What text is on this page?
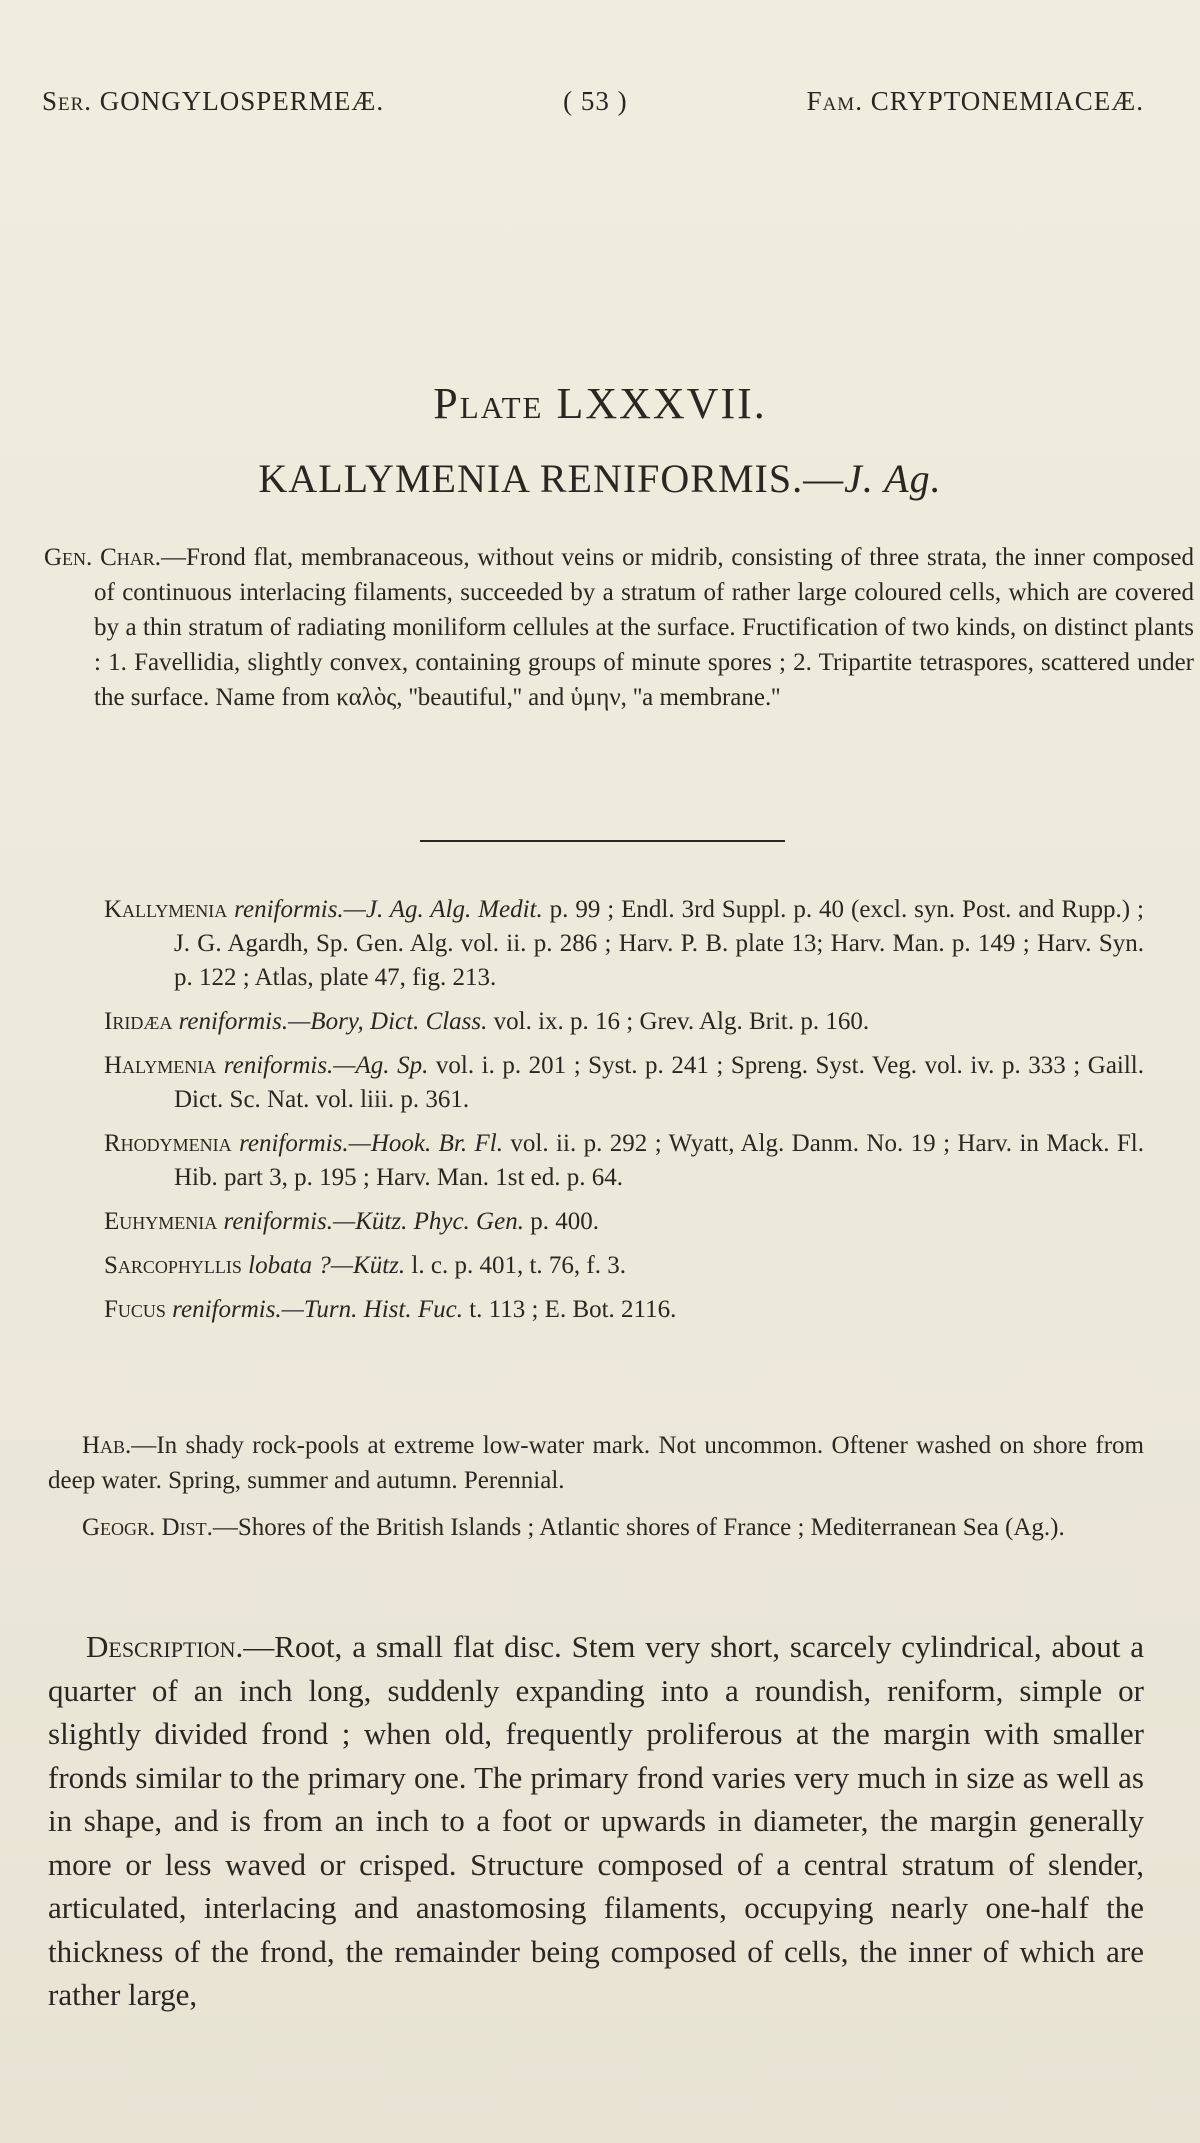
Ser. GONGYLOSPERMEÆ.	( 53 )	Fam. CRYPTONEMIACEÆ.
Plate LXXXVII.
KALLYMENIA RENIFORMIS.—J. Ag.
Gen. Char.—Frond flat, membranaceous, without veins or midrib, consisting of three strata, the inner composed of continuous interlacing filaments, succeeded by a stratum of rather large coloured cells, which are covered by a thin stratum of radiating moniliform cellules at the surface. Fructification of two kinds, on distinct plants : 1. Favellidia, slightly convex, containing groups of minute spores ; 2. Tripartite tetraspores, scattered under the surface. Name from καλὸς, ''beautiful,'' and ὑμην, ''a membrane.''
Kallymenia reniformis.—J. Ag. Alg. Medit. p. 99 ; Endl. 3rd Suppl. p. 40 (excl. syn. Post. and Rupp.) ; J. G. Agardh, Sp. Gen. Alg. vol. ii. p. 286 ; Harv. P. B. plate 13; Harv. Man. p. 149 ; Harv. Syn. p. 122 ; Atlas, plate 47, fig. 213.
Iridæa reniformis.—Bory, Dict. Class. vol. ix. p. 16 ; Grev. Alg. Brit. p. 160.
Halymenia reniformis.—Ag. Sp. vol. i. p. 201 ; Syst. p. 241 ; Spreng. Syst. Veg. vol. iv. p. 333 ; Gaill. Dict. Sc. Nat. vol. liii. p. 361.
Rhodymenia reniformis.—Hook. Br. Fl. vol. ii. p. 292 ; Wyatt, Alg. Danm. No. 19 ; Harv. in Mack. Fl. Hib. part 3, p. 195 ; Harv. Man. 1st ed. p. 64.
Euhymenia reniformis.—Kütz. Phyc. Gen. p. 400.
Sarcophyllis lobata ?—Kütz. l. c. p. 401, t. 76, f. 3.
Fucus reniformis.—Turn. Hist. Fuc. t. 113 ; E. Bot. 2116.

Hab.—In shady rock-pools at extreme low-water mark. Not uncommon. Oftener washed on shore from deep water. Spring, summer and autumn. Perennial.

Geogr. Dist.—Shores of the British Islands ; Atlantic shores of France ; Mediterranean Sea (Ag.).

Description.—Root, a small flat disc. Stem very short, scarcely cylindrical, about a quarter of an inch long, suddenly expanding into a roundish, reniform, simple or slightly divided frond ; when old, frequently proliferous at the margin with smaller fronds similar to the primary one. The primary frond varies very much in size as well as in shape, and is from an inch to a foot or upwards in diameter, the margin generally more or less waved or crisped. Structure composed of a central stratum of slender, articulated, interlacing and anastomosing filaments, occupying nearly one-half the thickness of the frond, the remainder being composed of cells, the inner of which are rather large,
